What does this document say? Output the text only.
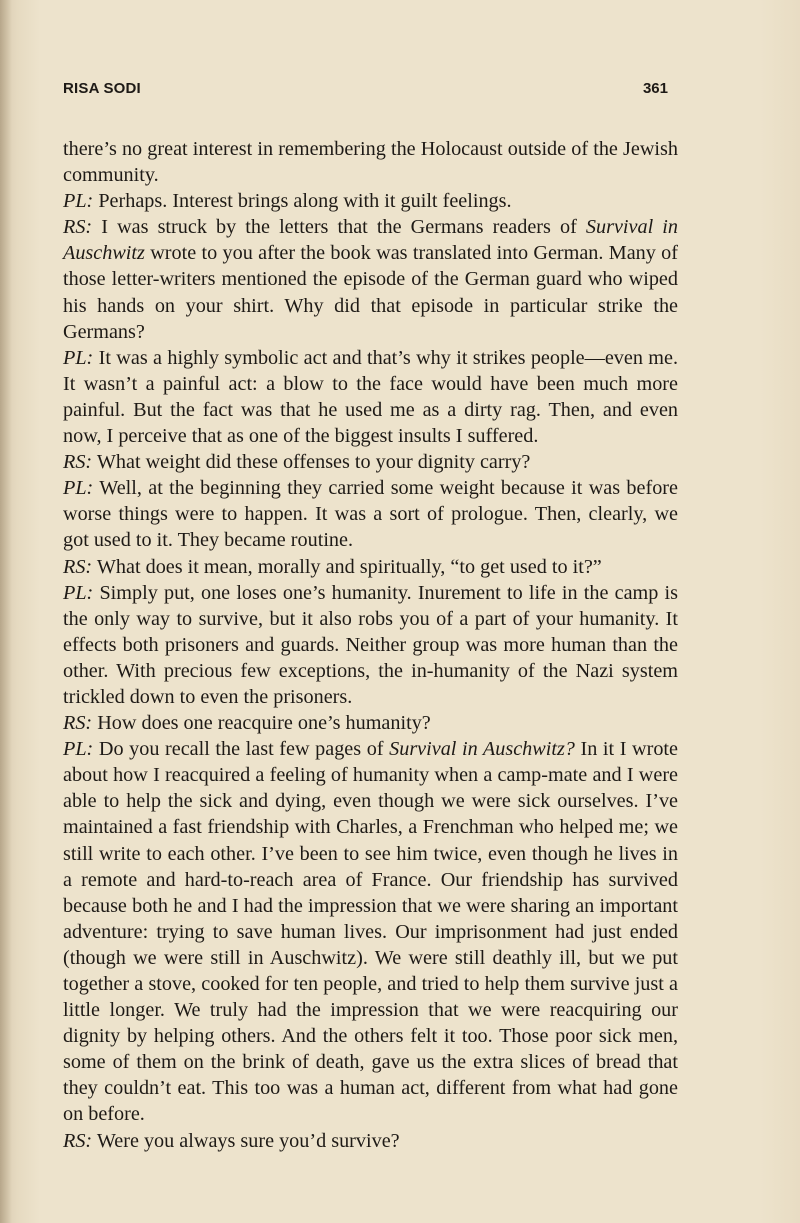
RISA SODI	361

there’s no great interest in remembering the Holocaust outside of the Jewish community.

PL: Perhaps. Interest brings along with it guilt feelings.

RS: I was struck by the letters that the Germans readers of Survival in Auschwitz wrote to you after the book was translated into German. Many of those letter-writers mentioned the episode of the German guard who wiped his hands on your shirt. Why did that episode in particular strike the Germans?

PL: It was a highly symbolic act and that’s why it strikes people—even me. It wasn’t a painful act: a blow to the face would have been much more painful. But the fact was that he used me as a dirty rag. Then, and even now, I perceive that as one of the biggest insults I suffered.

RS: What weight did these offenses to your dignity carry?

PL: Well, at the beginning they carried some weight because it was before worse things were to happen. It was a sort of prologue. Then, clearly, we got used to it. They became routine.

RS: What does it mean, morally and spiritually, “to get used to it?”

PL: Simply put, one loses one’s humanity. Inurement to life in the camp is the only way to survive, but it also robs you of a part of your humanity. It effects both prisoners and guards. Neither group was more human than the other. With precious few exceptions, the in-humanity of the Nazi system trickled down to even the prisoners.

RS: How does one reacquire one’s humanity?

PL: Do you recall the last few pages of Survival in Auschwitz? In it I wrote about how I reacquired a feeling of humanity when a camp-mate and I were able to help the sick and dying, even though we were sick ourselves. I’ve maintained a fast friendship with Charles, a Frenchman who helped me; we still write to each other. I’ve been to see him twice, even though he lives in a remote and hard-to-reach area of France. Our friendship has survived because both he and I had the impression that we were sharing an important adventure: trying to save human lives. Our imprisonment had just ended (though we were still in Auschwitz). We were still deathly ill, but we put together a stove, cooked for ten people, and tried to help them survive just a little longer. We truly had the impression that we were reacquiring our dignity by helping others. And the others felt it too. Those poor sick men, some of them on the brink of death, gave us the extra slices of bread that they couldn’t eat. This too was a human act, different from what had gone on before.

RS: Were you always sure you’d survive?
